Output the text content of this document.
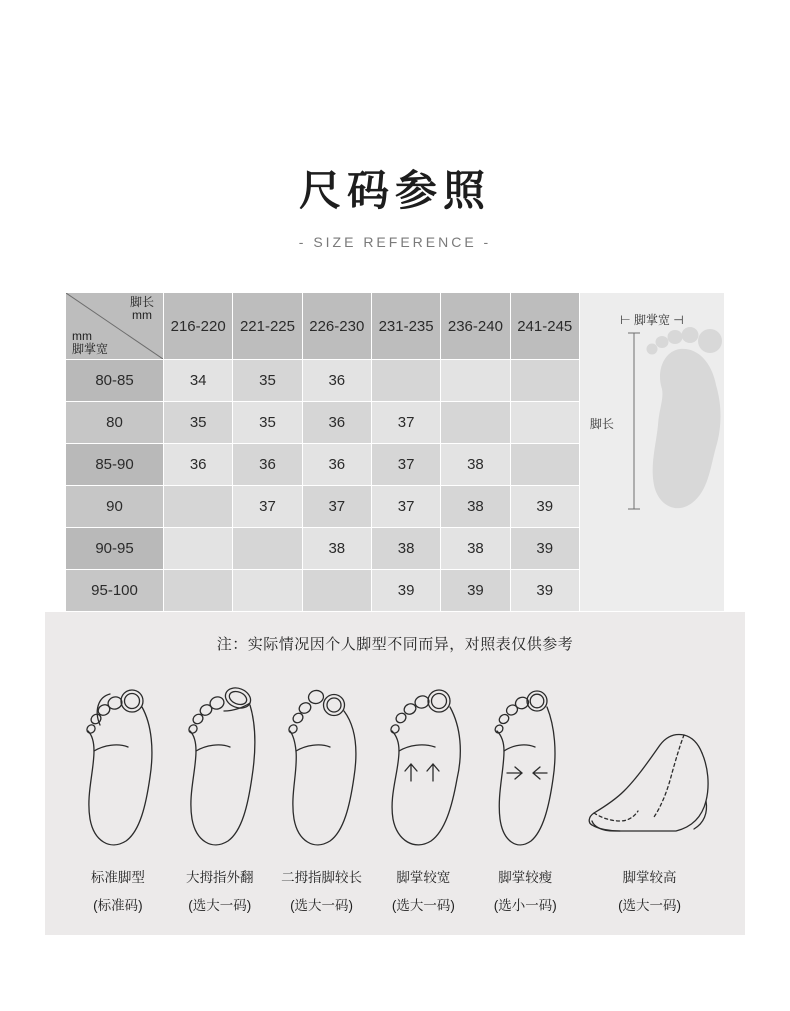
尺码参照
- SIZE REFERENCE -
脚长
mm
mm
脚掌宽	216-220	221-225	226-230	231-235	236-240	241-245
80-85	34	35	36			
80	35	35	36	37		
85-90	36	36	36	37	38	
90		37	37	37	38	39
90-95			38	38	38	39
95-100				39	39	39
⊢ 脚掌宽 ⊣
脚长
注：实际情况因个人脚型不同而异，对照表仅供参考
标准脚型
(标准码)
大拇指外翻
(选大一码)
二拇指脚较长
(选大一码)
脚掌较宽
(选大一码)
脚掌较瘦
(选小一码)
脚掌较高
(选大一码)
